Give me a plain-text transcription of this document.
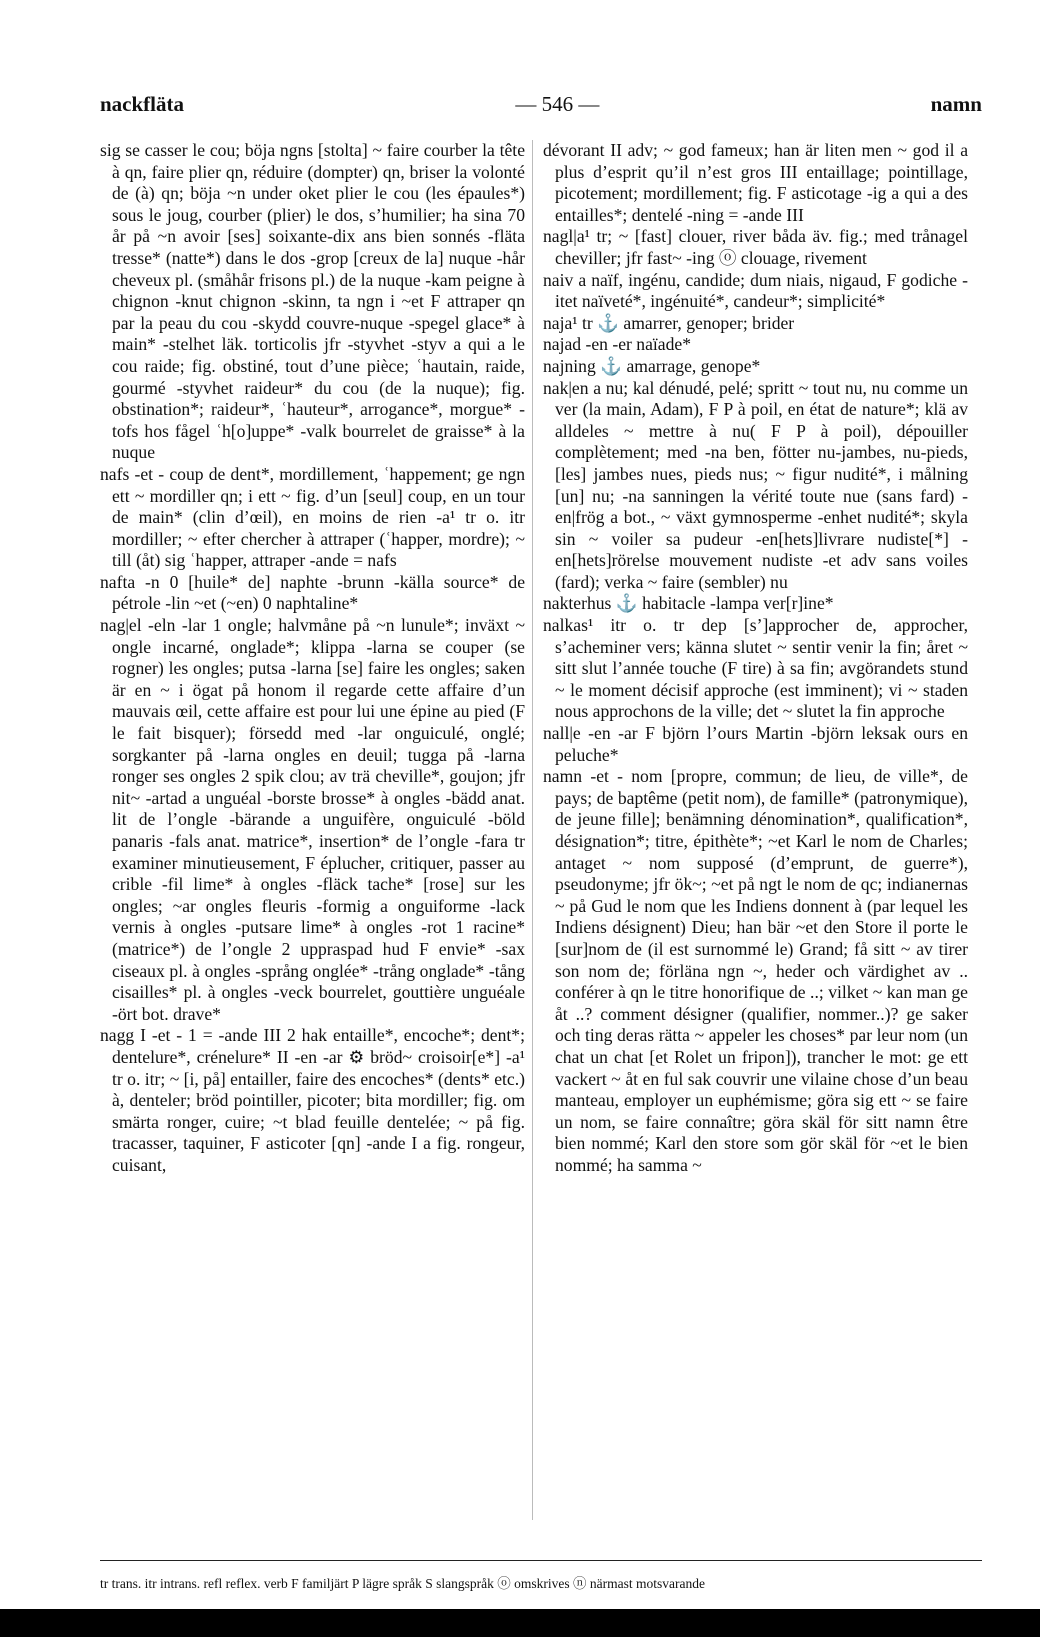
nackfläta	— 546 —	namn

sig se casser le cou; böja ngns [stolta] ~ faire courber la tête à qn, faire plier qn, réduire (dompter) qn, briser la volonté de (à) qn; böja ~n under oket plier le cou (les épaules*) sous le joug, courber (plier) le dos, s’humilier; ha sina 70 år på ~n avoir [ses] soixante-dix ans bien sonnés -fläta tresse* (natte*) dans le dos -grop [creux de la] nuque -hår cheveux pl. (småhår frisons pl.) de la nuque -kam peigne à chignon -knut chignon -skinn, ta ngn i ~et F attraper qn par la peau du cou -skydd couvre-nuque -spegel glace* à main* -stelhet läk. torticolis jfr -styvhet -styv a qui a le cou raide; fig. obstiné, tout d’une pièce; ʿhautain, raide, gourmé -styvhet raideur* du cou (de la nuque); fig. obstination*; raideur*, ʿhauteur*, arrogance*, morgue* -tofs hos fågel ʿh[o]uppe* -valk bourrelet de graisse* à la nuque

nafs -et - coup de dent*, mordillement, ʿhappement; ge ngn ett ~ mordiller qn; i ett ~ fig. d’un [seul] coup, en un tour de main* (clin d’œil), en moins de rien -a¹ tr o. itr mordiller; ~ efter chercher à attraper (ʿhapper, mordre); ~ till (åt) sig ʿhapper, attraper -ande = nafs

nafta -n 0 [huile* de] naphte -brunn -källa source* de pétrole -lin ~et (~en) 0 naphtaline*

nag|el -eln -lar 1 ongle; halvmåne på ~n lunule*; inväxt ~ ongle incarné, onglade*; klippa -larna se couper (se rogner) les ongles; putsa -larna [se] faire les ongles; saken är en ~ i ögat på honom il regarde cette affaire d’un mauvais œil, cette affaire est pour lui une épine au pied (F le fait bisquer); försedd med -lar onguiculé, onglé; sorgkanter på -larna ongles en deuil; tugga på -larna ronger ses ongles 2 spik clou; av trä cheville*, goujon; jfr nit~ -artad a unguéal -borste brosse* à ongles -bädd anat. lit de l’ongle -bärande a unguifère, onguiculé -böld panaris -fals anat. matrice*, insertion* de l’ongle -fara tr examiner minutieusement, F éplucher, critiquer, passer au crible -fil lime* à ongles -fläck tache* [rose] sur les ongles; ~ar ongles fleuris -formig a onguiforme -lack vernis à ongles -putsare lime* à ongles -rot 1 racine* (matrice*) de l’ongle 2 uppraspad hud F envie* -sax ciseaux pl. à ongles -språng onglée* -trång onglade* -tång cisailles* pl. à ongles -veck bourrelet, gouttière unguéale -ört bot. drave*

nagg I -et - 1 = -ande III 2 hak entaille*, encoche*; dent*; dentelure*, crénelure* II -en -ar ⚙ bröd~ croisoir[e*] -a¹ tr o. itr; ~ [i, på] entailler, faire des encoches* (dents* etc.) à, denteler; bröd pointiller, picoter; bita mordiller; fig. om smärta ronger, cuire; ~t blad feuille dentelée; ~ på fig. tracasser, taquiner, F asticoter [qn] -ande I a fig. rongeur, cuisant,

dévorant II adv; ~ god fameux; han är liten men ~ god il a plus d’esprit qu’il n’est gros III entaillage; pointillage, picotement; mordillement; fig. F asticotage -ig a qui a des entailles*; dentelé -ning = -ande III

nagl|a¹ tr; ~ [fast] clouer, river båda äv. fig.; med trånagel cheviller; jfr fast~ -ing ⓞ clouage, rivement

naiv a naïf, ingénu, candide; dum niais, nigaud, F godiche -itet naïveté*, ingénuité*, candeur*; simplicité*

naja¹ tr ⚓ amarrer, genoper; brider

najad -en -er naïade*

najning ⚓ amarrage, genope*

nak|en a nu; kal dénudé, pelé; spritt ~ tout nu, nu comme un ver (la main, Adam), F P à poil, en état de nature*; klä av alldeles ~ mettre à nu( F P à poil), dépouiller complètement; med -na ben, fötter nu-jambes, nu-pieds, [les] jambes nues, pieds nus; ~ figur nudité*, i målning [un] nu; -na sanningen la vérité toute nue (sans fard) -en|frög a bot., ~ växt gymnosperme -enhet nudité*; skyla sin ~ voiler sa pudeur -en[hets]livrare nudiste[*] -en[hets]rörelse mouvement nudiste -et adv sans voiles (fard); verka ~ faire (sembler) nu

nakterhus ⚓ habitacle -lampa ver[r]ine*

nalkas¹ itr o. tr dep [s’]approcher de, approcher, s’acheminer vers; känna slutet ~ sentir venir la fin; året ~ sitt slut l’année touche (F tire) à sa fin; avgörandets stund ~ le moment décisif approche (est imminent); vi ~ staden nous approchons de la ville; det ~ slutet la fin approche

nall|e -en -ar F björn l’ours Martin -björn leksak ours en peluche*

namn -et - nom [propre, commun; de lieu, de ville*, de pays; de baptême (petit nom), de famille* (patronymique), de jeune fille]; benämning dénomination*, qualification*, désignation*; titre, épithète*; ~et Karl le nom de Charles; antaget ~ nom supposé (d’emprunt, de guerre*), pseudonyme; jfr ök~; ~et på ngt le nom de qc; indianernas ~ på Gud le nom que les Indiens donnent à (par lequel les Indiens désignent) Dieu; han bär ~et den Store il porte le [sur]nom de (il est surnommé le) Grand; få sitt ~ av tirer son nom de; förläna ngn ~, heder och värdighet av .. conférer à qn le titre honorifique de ..; vilket ~ kan man ge åt ..? comment désigner (qualifier, nommer..)? ge saker och ting deras rätta ~ appeler les choses* par leur nom (un chat un chat [et Rolet un fripon]), trancher le mot: ge ett vackert ~ åt en ful sak couvrir une vilaine chose d’un beau manteau, employer un euphémisme; göra sig ett ~ se faire un nom, se faire connaître; göra skäl för sitt namn être bien nommé; Karl den store som gör skäl för ~et le bien nommé; ha samma ~

tr trans. itr intrans. refl reflex. verb F familjärt P lägre språk S slangspråk ⓞ omskrives ⓝ närmast motsvarande
